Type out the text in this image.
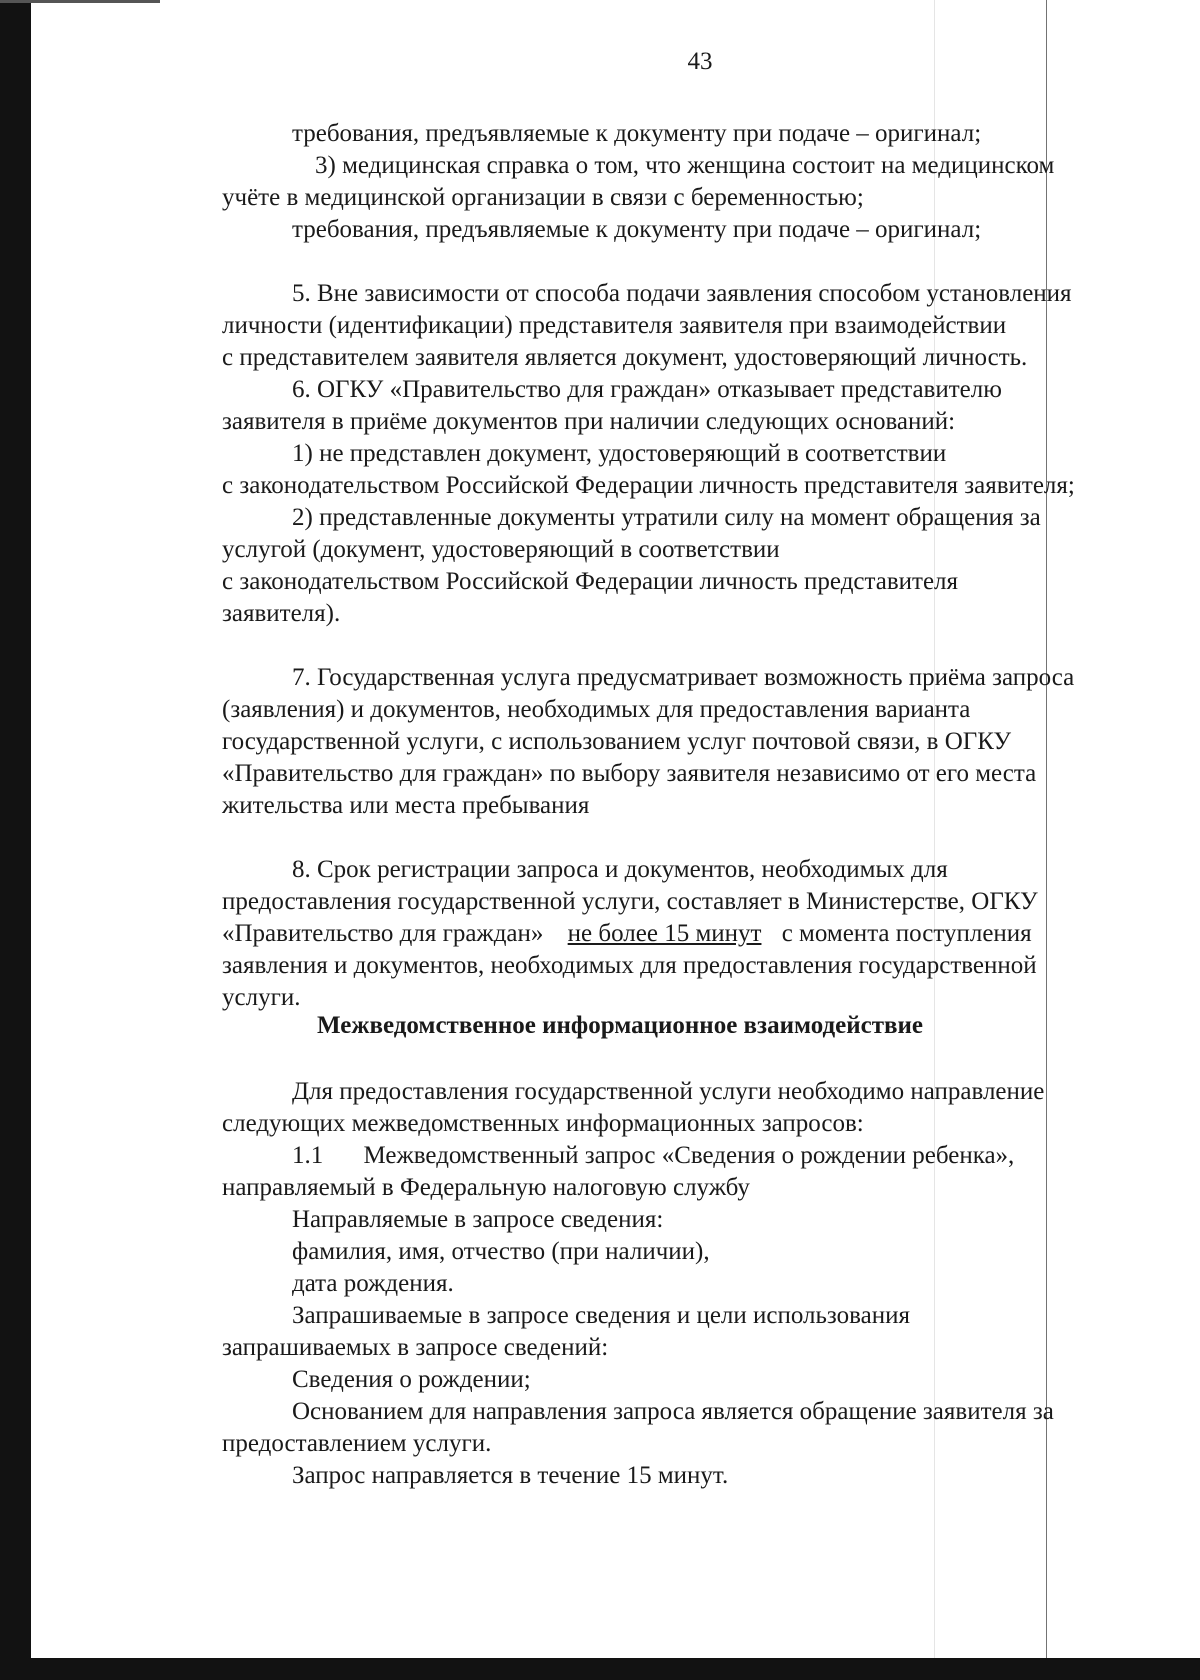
43
требования, предъявляемые к документу при подаче – оригинал;
3) медицинская справка о том, что женщина состоит на медицинском
учёте в медицинской организации в связи с беременностью;
требования, предъявляемые к документу при подаче – оригинал;
5. Вне зависимости от способа подачи заявления способом установления
личности (идентификации) представителя заявителя при взаимодействии
с представителем заявителя является документ, удостоверяющий личность.
6. ОГКУ «Правительство для граждан» отказывает представителю
заявителя в приёме документов при наличии следующих оснований:
1) не представлен документ, удостоверяющий в соответствии
с законодательством Российской Федерации личность представителя заявителя;
2) представленные документы утратили силу на момент обращения за
услугой (документ, удостоверяющий в соответствии
с законодательством Российской Федерации личность представителя
заявителя).
7. Государственная услуга предусматривает возможность приёма запроса
(заявления) и документов, необходимых для предоставления варианта
государственной услуги, с использованием услуг почтовой связи, в ОГКУ
«Правительство для граждан» по выбору заявителя независимо от его места
жительства или места пребывания
8. Срок регистрации запроса и документов, необходимых для
предоставления государственной услуги, составляет в Министерстве, ОГКУ
«Правительство для граждан» не более 15 минут с момента поступления
заявления и документов, необходимых для предоставления государственной
услуги.
Межведомственное информационное взаимодействие
Для предоставления государственной услуги необходимо направление
следующих межведомственных информационных запросов:
1.1 Межведомственный запрос «Сведения о рождении ребенка»,
направляемый в Федеральную налоговую службу
Направляемые в запросе сведения:
фамилия, имя, отчество (при наличии),
дата рождения.
Запрашиваемые в запросе сведения и цели использования
запрашиваемых в запросе сведений:
Сведения о рождении;
Основанием для направления запроса является обращение заявителя за
предоставлением услуги.
Запрос направляется в течение 15 минут.
